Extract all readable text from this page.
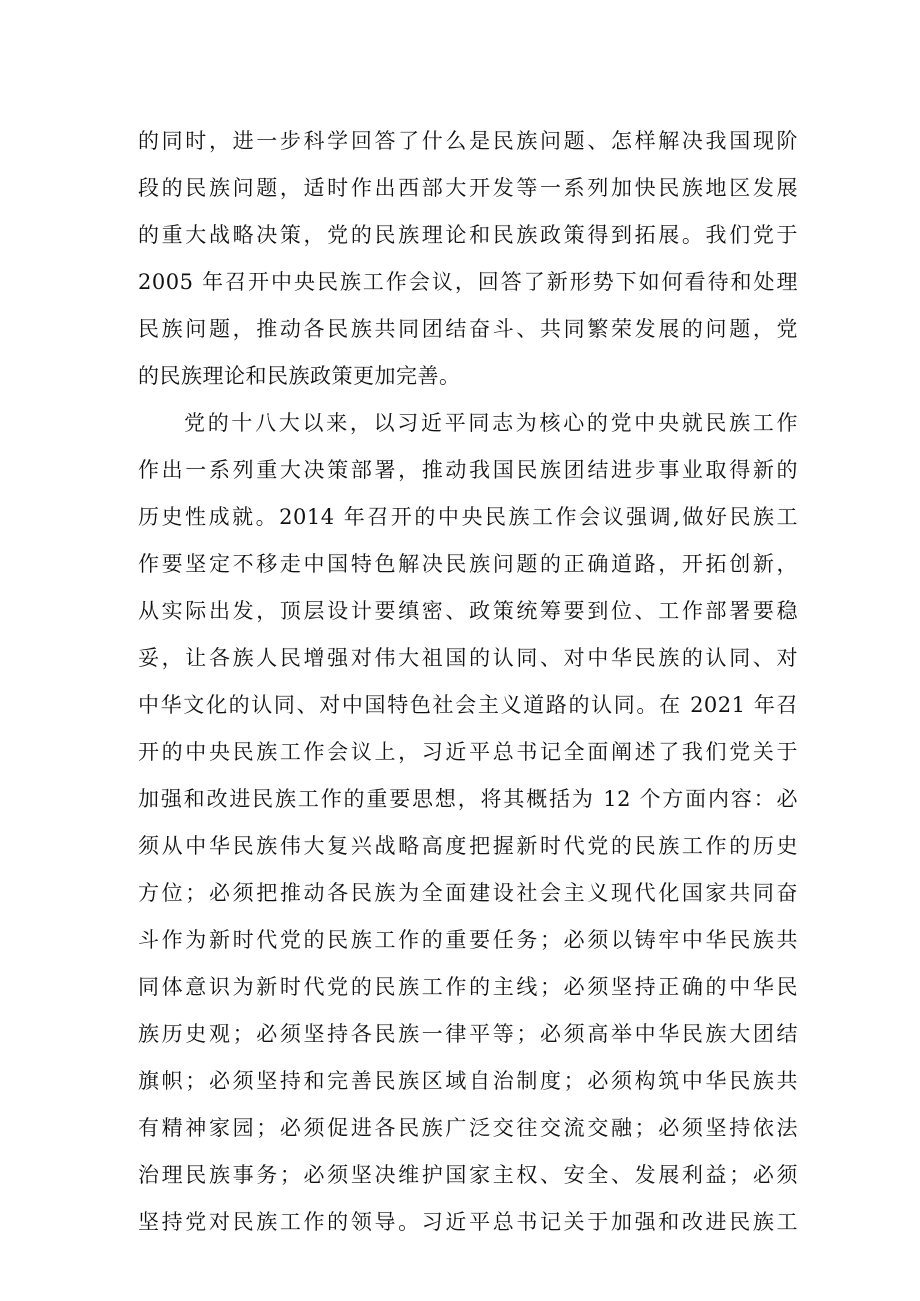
的同时，进一步科学回答了什么是民族问题、怎样解决我国现阶
段的民族问题，适时作出西部大开发等一系列加快民族地区发展
的重大战略决策，党的民族理论和民族政策得到拓展。我们党于
2005 年召开中央民族工作会议，回答了新形势下如何看待和处理
民族问题，推动各民族共同团结奋斗、共同繁荣发展的问题，党
的民族理论和民族政策更加完善。
党的十八大以来，以习近平同志为核心的党中央就民族工作
作出一系列重大决策部署，推动我国民族团结进步事业取得新的
历史性成就。2014 年召开的中央民族工作会议强调,做好民族工
作要坚定不移走中国特色解决民族问题的正确道路，开拓创新，
从实际出发，顶层设计要缜密、政策统筹要到位、工作部署要稳
妥，让各族人民增强对伟大祖国的认同、对中华民族的认同、对
中华文化的认同、对中国特色社会主义道路的认同。在 2021 年召
开的中央民族工作会议上，习近平总书记全面阐述了我们党关于
加强和改进民族工作的重要思想，将其概括为 12 个方面内容：必
须从中华民族伟大复兴战略高度把握新时代党的民族工作的历史
方位；必须把推动各民族为全面建设社会主义现代化国家共同奋
斗作为新时代党的民族工作的重要任务；必须以铸牢中华民族共
同体意识为新时代党的民族工作的主线；必须坚持正确的中华民
族历史观；必须坚持各民族一律平等；必须高举中华民族大团结
旗帜；必须坚持和完善民族区域自治制度；必须构筑中华民族共
有精神家园；必须促进各民族广泛交往交流交融；必须坚持依法
治理民族事务；必须坚决维护国家主权、安全、发展利益；必须
坚持党对民族工作的领导。习近平总书记关于加强和改进民族工
